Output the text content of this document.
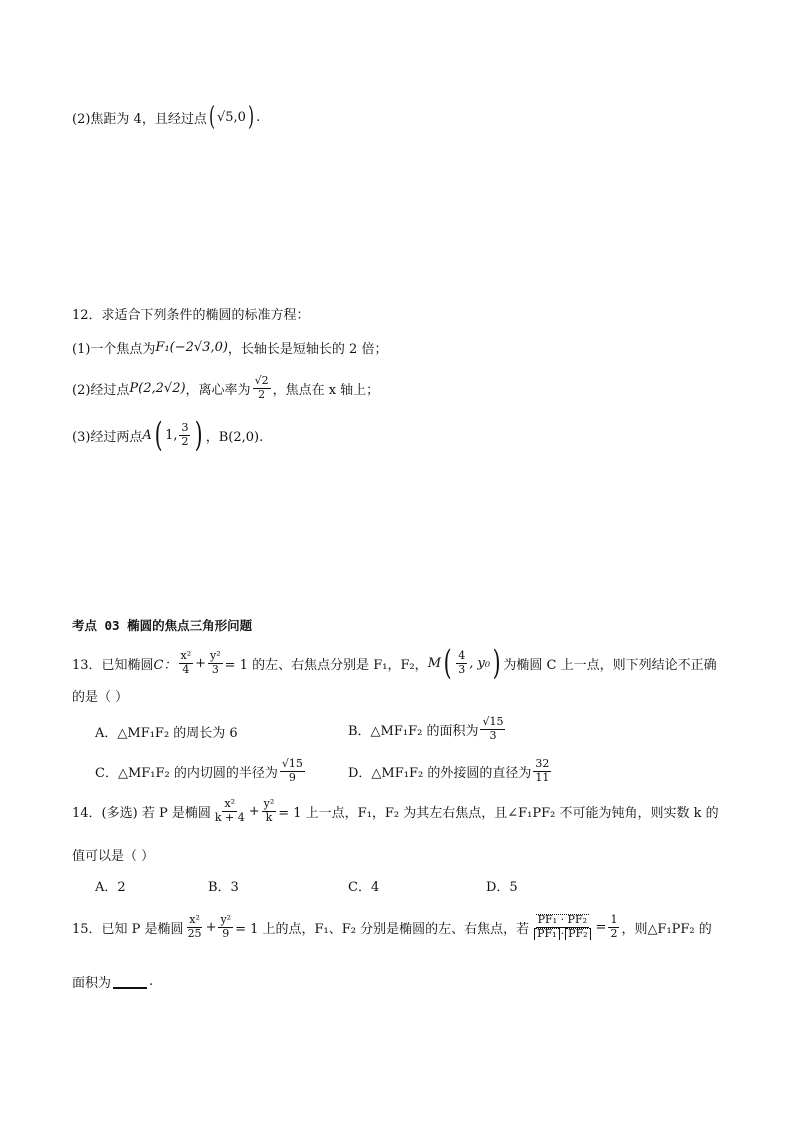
(2)焦距为 4，且经过点 ( √5,0 ) .
12．求适合下列条件的椭圆的标准方程：
(1)一个焦点为 F₁(−2√3,0) ，长轴长是短轴长的 2 倍；
(2)经过点 P(2,2√2) ，离心率为 $\frac{√2}{2}$ ，焦点在 x 轴上；
(3)经过两点 A ( 1, $\frac{3}{2}$ ) ，B(2,0).
考点 03 椭圆的焦点三角形问题
13．已知椭圆 C： $\frac{\text{x²}}{4} + \frac{\text{y²}}{3} = 1$ 的左、右焦点分别是 F₁，F₂， M ( $\frac{4}{3}$ , y₀ ) 为椭圆 C 上一点，则下列结论不正确
的是（ ）
A．△MF₁F₂ 的周长为 6	B．△MF₁F₂ 的面积为 $\frac{√15}{3}$
C．△MF₁F₂ 的内切圆的半径为 $\frac{√15}{9}$	D．△MF₁F₂ 的外接圆的直径为 $\frac{32}{11}$
14．(多选) 若 P 是椭圆 $\frac{\text{x²}}{k + 4} + \frac{\text{y²}}{k} = 1$ 上一点，F₁，F₂ 为其左右焦点，且∠F₁PF₂ 不可能为钝角，则实数 k 的
值可以是（ ）
A．2	B．3	C．4	D．5
15．已知 P 是椭圆 $\frac{\text{x²}}{25} + \frac{\text{y²}}{9} = 1$ 上的点，F₁、F₂ 分别是椭圆的左、右焦点，若 $\frac{\text{PF₁ · PF₂}}{\text{PF₁ · PF₂}} = \frac{1}{2}$ ，则△F₁PF₂ 的
面积为	.
